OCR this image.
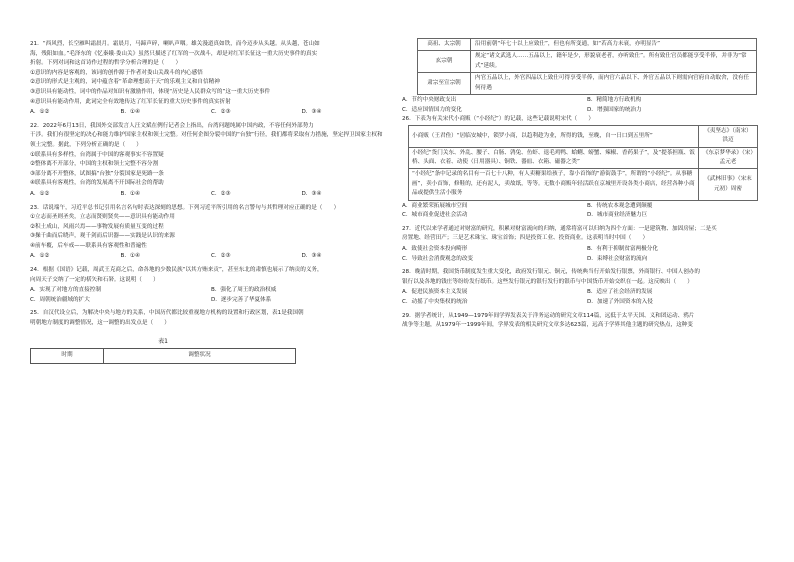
21．“西风烈，长空雁叫霜晨月。霜晨月，马蹄声碎，喇叭声咽。雄关漫道真如铁，而今迈步从头越。从头越，苍山如

海，残阳如血。”毛泽东的《忆秦娥·娄山关》虽然只描述了红军的一次战斗，却是对红军长征这一重大历史事件的真实

折射。下列对词和这首诗作过程的哲学分析合理的是（　　）

①意识的内容是客观的，该词的创作源于作者对娄山关战斗的内心感悟

②意识的形式是主观的，词中蕴含着“革命理想高于天”的乐观主义和自信精神

③意识具有能动性，词中的作品对知识有激励作用，体现“历史是人民群众写的”这一重大历史事件

④意识具有能动作用，此词完全有效地传达了红军长征的重大历史事件的真实折射

A．①②	B．①④	C．②③	D．③④

22．2022年6月13日，我国外交部发言人汪文斌在例行记者会上指出，台湾问题纯属中国内政，不容任何外部势力

干涉。我们有很坚定的决心和能力维护国家主权和领土完整。对任何企图分裂中国的“台独”行径，我们都将采取有力措施，坚定捍卫国家主权和

领土完整。据此，下列分析正确的是（　　）

①联系具有多样性，台湾属于中国的客观事实不容置疑

②整体离不开部分，中国的主权和领土完整不容分割

③部分离不开整体，试图搞“台独”分裂国家是死路一条

④联系具有客观性，台湾的发展离不开国际社会的帮助

A．①②	B．①④	C．②③	D．③④

23．话说端午，习近平总书记引用名言名句时表达深刻的思想。下列习近平所引用的名言警句与其哲理对应正确的是（　　）

①立志而圣则圣矣，立志而贤则贤矣——意识具有能动作用

②积土成山，风雨兴焉——事物发展有质量互变的过程

③操千曲而后晓声，观千剑而后识器——实践是认识的来源

④前车覆，后车戒——联系具有客观性和普遍性

A．①②	B．①④	C．②③	D．③④

24．根据《国语》记载，周武王克商之后，命各地的少数民族“以其方贿来贡”，甚至东北的肃慎也展示了纳贡的义务，

向周天子交纳了一定的楛矢和石砮。这说明（　　）

A．实现了对地方的直接控制	B．强化了周王的政治权威
C．周朝统治疆域的扩大	D．逐步完善了华夏体系

25．自汉代设立后，为解决中央与地方的关系，中国历代都比较重视地方机构的设置和行政区划，表1是我国朝

明朝地方制度的调整情况，这一调整的出发点是（　　）

表1
时期	调整状况
高祖、太宗朝	沿用前朝“年七十以上应致仕”，但也有所变通，如“若高力未衰，亦明显告”
玄宗朝	规定“诸文武选人……五品以上，籍年是少，形貌衰老者，亦听致仕”。所有致仕官员都能享受半俸，并非为“常式”延续。
肃宗至宣宗朝	内官五品以上，外官四品以上致仕可得享受半俸，而内官六品以下、外官五品以下则需向官府自动取舍，没有任何待遇
A．节约中央财政支出	B．精简地方行政机构
C．适应国情国力的变化	D．增强国家的统治力

26．下表为有关宋代小商贩（“小经纪”）的记载，这些记载说明宋代（　　）

小商贩（王君佺）“居临安城中，锁罗小商，以趋利趁为业，所得的钱，至晚，自一日口到五里所”	《夷坚志》（南宋）洪迈
小经纪“货门关东、外乱、腰子、白肠、鹑兔、鱼虾、退毛鸡鸭、蛤蜊、螃蟹、辣椒、香药果子”，及“提茶担瓶、饭桥、头面、衣着、动使（日用器具）、铜铁、器皿、衣箱、磁器之类”	《东京梦华录》（宋）孟元老
“小经纪”条中记录的名目有一百七十八种，有人卖糖果给孩子，靠小首饰的“游街鼓手”，所谓的“小经纪”。从事糖画”，卖小首饰，修鞋的，还有泥人，卖故纸，等等。无数小商贩年轻活跃在京城里开设各类小商店，经营各种小商品或提供生活小服务	《武林旧事》（宋末元初）周密
A．商业繁荣拓展城市空间	B．传统农本观念遭到颠覆
C．城市商业促进社会活动	D．城市商业经济魅力巨

27．近代以来学者通过对财富的研究，积累对财富流向的归纳，通常将富可以归纳为四个方面：一是建筑物、加固房屋；二是买

房置地、经营田产；三是艺术珠宝、珠宝首饰；四是投资工业、投资商业。这表明当时中国（　　）

A．致使社会资本投向畸形	B．有利于抑制贫富两极分化
C．导致社会消费观念的改变	D．束缚社会财富的流向

28．晚清时期，我国货币制度发生重大变化，政府发行银元、铜元，传统典当行开始发行银票，外商银行、中国人创办的

银行以及各地的钱庄等纷纷发行纸币。这些发行银元的银行发行的银币与中国货币开始交织在一起。这反映出（　　）

A．促进民族资本主义发展	B．适应了社会经济的发展
C．动摇了中央集权的统治	D．加速了外国资本的入侵

29．据学者统计，从1949—1979年间学界发表关于洋务运动的研究文章114篇，远低于太平天国、义和团运动、鸦片

战争等主题，从1979年一1999年间，学界发表的相关研究文章多达623篇，远高于学界其他主题的研究热点，这种变
